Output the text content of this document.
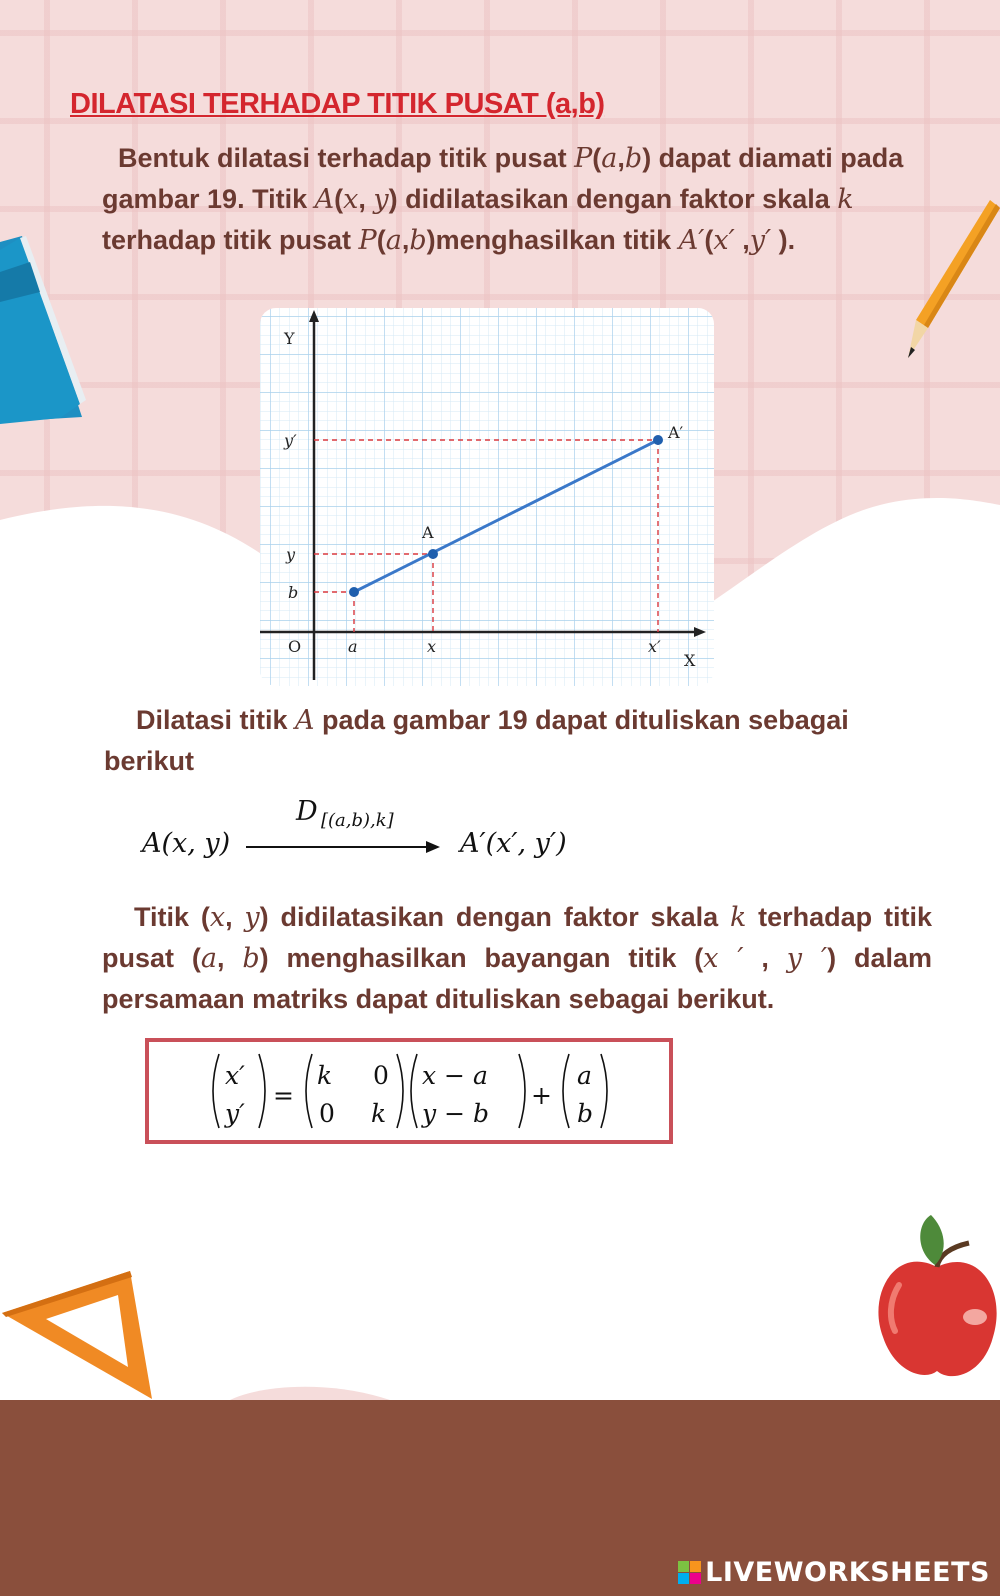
DILATASI TERHADAP TITIK PUSAT (a,b)

Bentuk dilatasi terhadap titik pusat P(a,b) dapat diamati pada gambar 19. Titik A(x, y) didilatasikan dengan faktor skala k terhadap titik pusat P(a,b)menghasilkan titik A′(x′ ,y′ ).

Y
X
O
y′
y
b
a	x	x′
A
A′

Dilatasi titik A pada gambar 19 dapat dituliskan sebagai berikut

A(x, y)
D [(a,b),k]
A′(x′, y′)

Titik (x, y) didilatasikan dengan faktor skala k terhadap titik pusat (a, b) menghasilkan bayangan titik (x ′ , y ′) dalam persamaan matriks dapat dituliskan sebagai berikut.

x′
y′
=
k 0
0 k
x − a
y − b
+
a
b
LIVEWORKSHEETS
